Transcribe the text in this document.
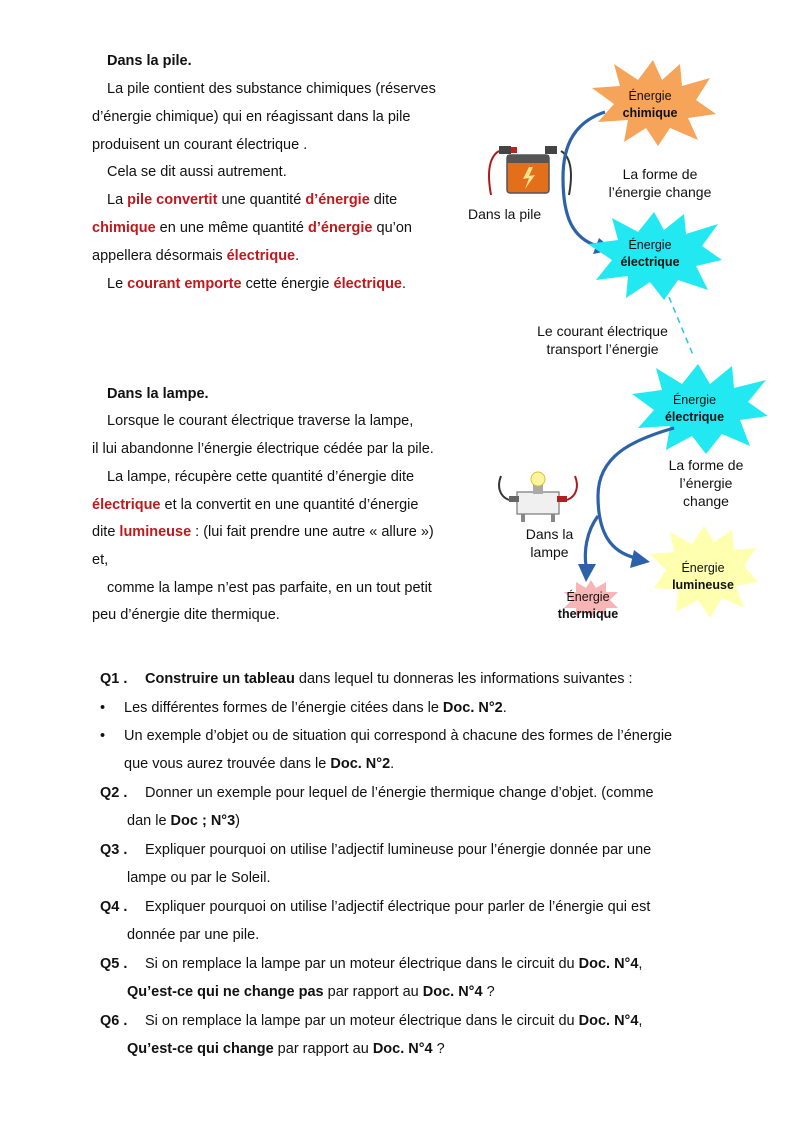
Dans la pile.
La pile contient des substance chimiques (réserves
d’énergie chimique) qui en réagissant dans la pile
produisent un courant électrique .
Cela se dit aussi autrement.
La pile convertit une quantité d’énergie dite
chimique en une même quantité d’énergie qu’on
appellera désormais électrique.
Le courant emporte cette énergie électrique.
Énergie
chimique
Dans la pile
La forme de
l’énergie change
Énergie
électrique
Le courant électrique
transport l’énergie
Dans la lampe.
Lorsque le courant électrique traverse la lampe,
il lui abandonne l’énergie électrique cédée par la pile.
La lampe, récupère cette quantité d’énergie dite
électrique et la convertit en une quantité d’énergie
dite lumineuse : (lui fait prendre une autre « allure »)
et,
comme la lampe n’est pas parfaite, en un tout petit
peu d’énergie dite thermique.
Énergie
électrique
Dans la
lampe
La forme de
l’énergie
change
Énergie
lumineuse
Énergie
thermique
Q1 . Construire un tableau dans lequel tu donneras les informations suivantes :
• Les différentes formes de l’énergie citées dans le Doc. N°2.
• Un exemple d’objet ou de situation qui correspond à chacune des formes de l’énergie
que vous aurez trouvée dans le Doc. N°2.
Q2 . Donner un exemple pour lequel de l’énergie thermique change d’objet. (comme
dan le Doc ; N°3)
Q3 . Expliquer pourquoi on utilise l’adjectif lumineuse pour l’énergie donnée par une
lampe ou par le Soleil.
Q4 . Expliquer pourquoi on utilise l’adjectif électrique pour parler de l’énergie qui est
donnée par une pile.
Q5 . Si on remplace la lampe par un moteur électrique dans le circuit du Doc. N°4,
Qu’est-ce qui ne change pas par rapport au Doc. N°4 ?
Q6 . Si on remplace la lampe par un moteur électrique dans le circuit du Doc. N°4,
Qu’est-ce qui change par rapport au Doc. N°4 ?
